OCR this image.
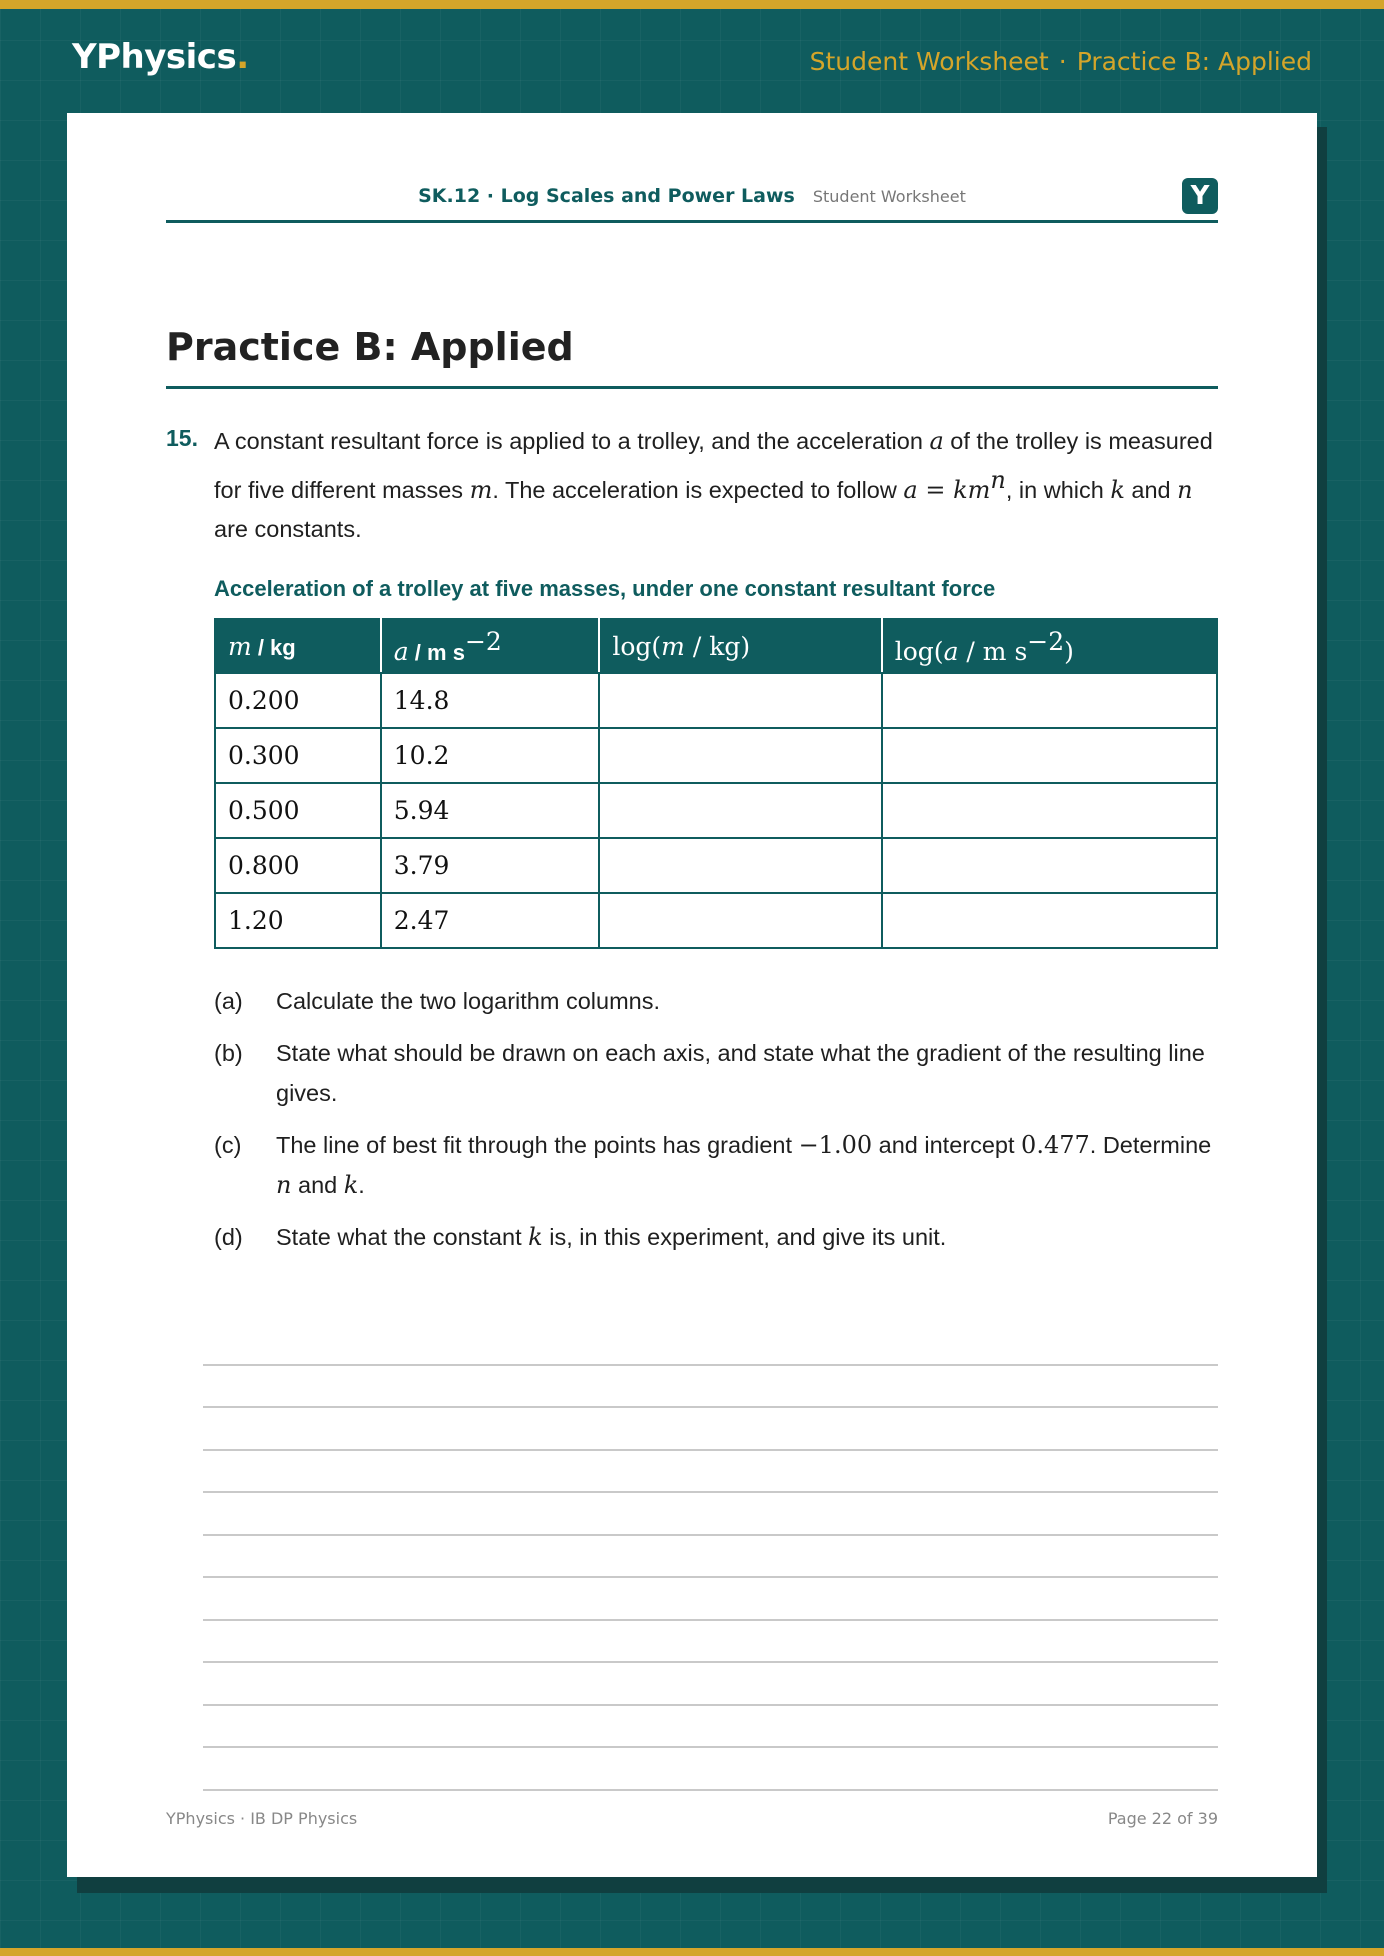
YPhysics.	Student Worksheet · Practice B: Applied
SK.12 · Log Scales and Power Laws Student Worksheet	Y
Practice B: Applied
15. A constant resultant force is applied to a trolley, and the acceleration a of the trolley is measured for five different masses m. The acceleration is expected to follow $a = km^n$, in which k and n are constants.
Acceleration of a trolley at five masses, under one constant resultant force
m / kg	a / m $s^{-2}$	log(m / kg)	log(a / m $s^{-2}$)
0.200	14.8		
0.300	10.2		
0.500	5.94		
0.800	3.79		
1.20	2.47		
(a) Calculate the two logarithm columns.
(b) State what should be drawn on each axis, and state what the gradient of the resulting line gives.
(c) The line of best fit through the points has gradient −1.00 and intercept 0.477. Determine n and k.
(d) State what the constant k is, in this experiment, and give its unit.
YPhysics · IB DP Physics	Page 22 of 39
